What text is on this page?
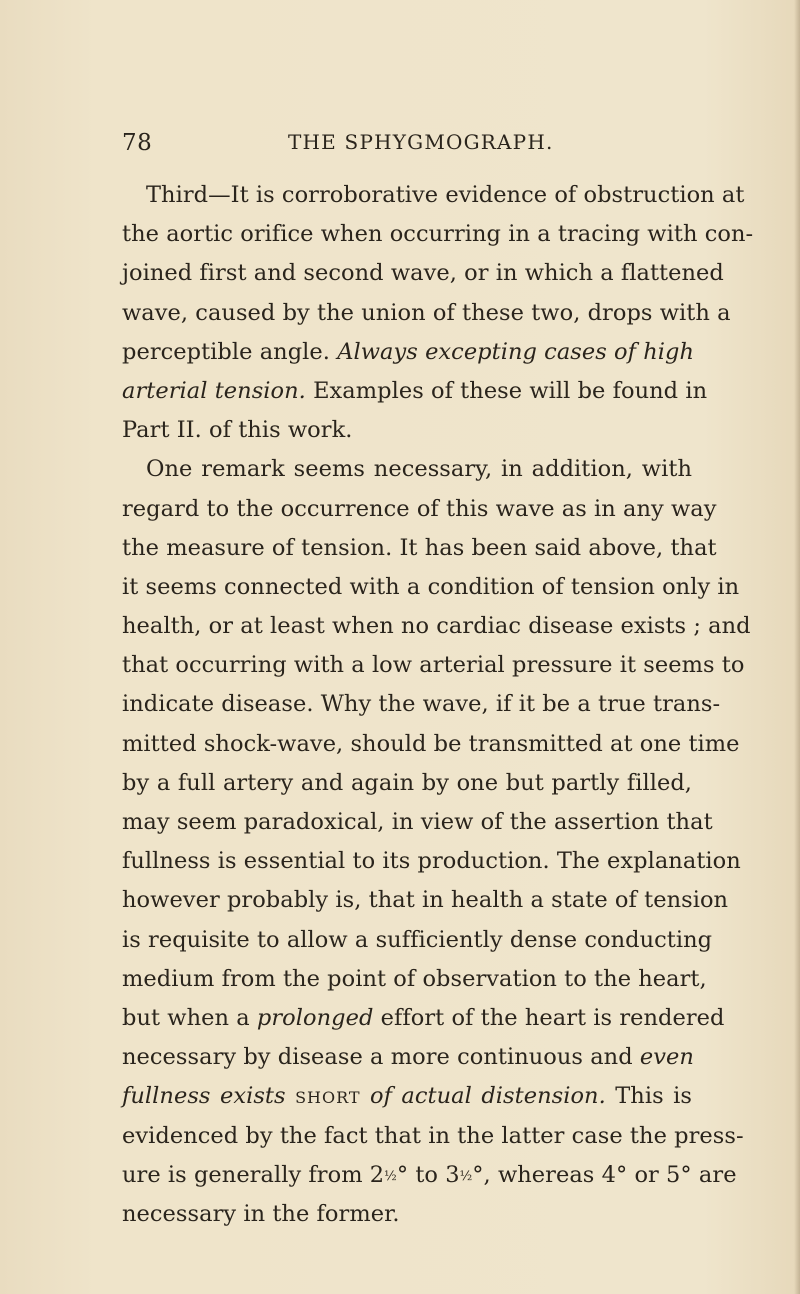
78	THE SPHYGMOGRAPH.
Third—It is corroborative evidence of obstruction at
the aortic orifice when occurring in a tracing with con-
joined first and second wave, or in which a flattened
wave, caused by the union of these two, drops with a
perceptible angle. Always excepting cases of high
arterial tension. Examples of these will be found in
Part II. of this work.
One remark seems necessary, in addition, with
regard to the occurrence of this wave as in any way
the measure of tension. It has been said above, that
it seems connected with a condition of tension only in
health, or at least when no cardiac disease exists ; and
that occurring with a low arterial pressure it seems to
indicate disease. Why the wave, if it be a true trans-
mitted shock-wave, should be transmitted at one time
by a full artery and again by one but partly filled,
may seem paradoxical, in view of the assertion that
fullness is essential to its production. The explanation
however probably is, that in health a state of tension
is requisite to allow a sufficiently dense conducting
medium from the point of observation to the heart,
but when a prolonged effort of the heart is rendered
necessary by disease a more continuous and even
fullness exists short of actual distension. This is
evidenced by the fact that in the latter case the press-
ure is generally from 2½° to 3½°, whereas 4° or 5° are
necessary in the former.
